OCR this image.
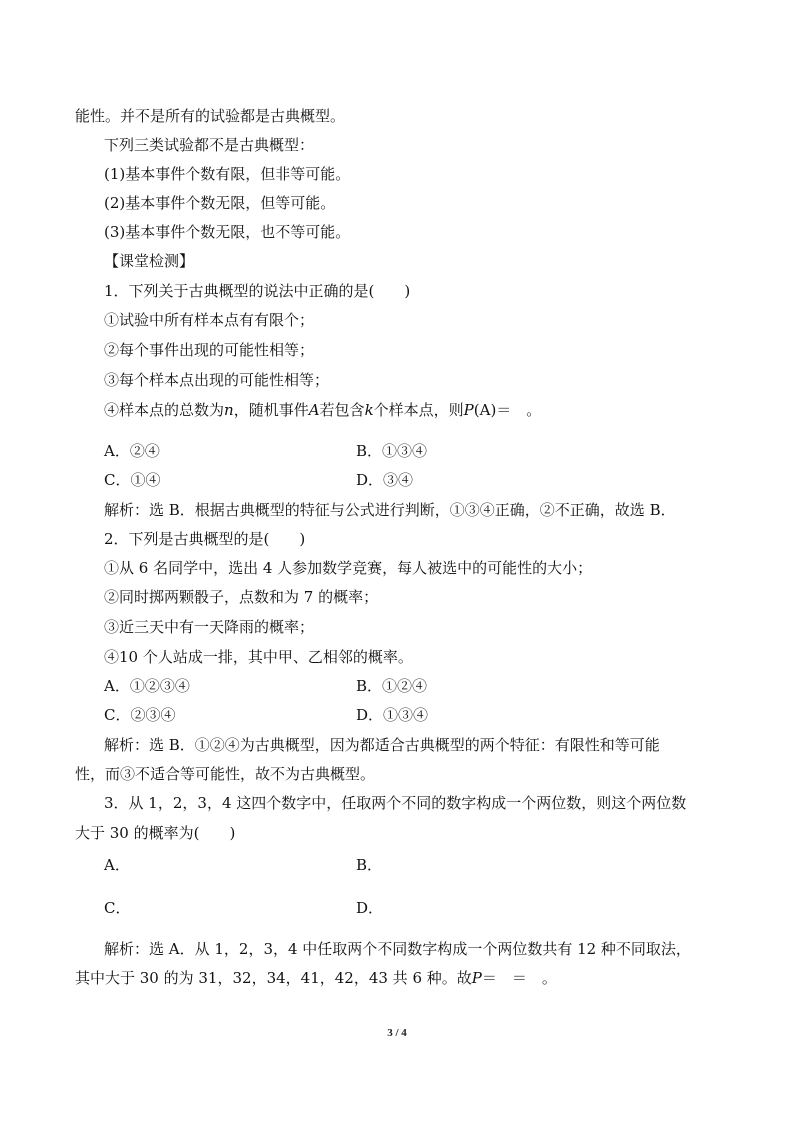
能性。并不是所有的试验都是古典概型。
下列三类试验都不是古典概型：
(1)基本事件个数有限，但非等可能。
(2)基本事件个数无限，但等可能。
(3)基本事件个数无限，也不等可能。
【课堂检测】
1．下列关于古典概型的说法中正确的是(　　)
①试验中所有样本点有有限个；
②每个事件出现的可能性相等；
③每个样本点出现的可能性相等；
④样本点的总数为n，随机事件A若包含k个样本点，则P(A)＝　。
A．②④	B．①③④
C．①④	D．③④
解析：选 B．根据古典概型的特征与公式进行判断，①③④正确，②不正确，故选 B．
2．下列是古典概型的是(　　)
①从 6 名同学中，选出 4 人参加数学竞赛，每人被选中的可能性的大小；
②同时掷两颗骰子，点数和为 7 的概率；
③近三天中有一天降雨的概率；
④10 个人站成一排，其中甲、乙相邻的概率。
A．①②③④	B．①②④
C．②③④	D．①③④
解析：选 B．①②④为古典概型，因为都适合古典概型的两个特征：有限性和等可能
性，而③不适合等可能性，故不为古典概型。
3．从 1，2，3，4 这四个数字中，任取两个不同的数字构成一个两位数，则这个两位数
大于 30 的概率为(　　)
A．	B．
C．	D．
解析：选 A．从 1，2，3，4 中任取两个不同数字构成一个两位数共有 12 种不同取法，
其中大于 30 的为 31，32，34，41，42，43 共 6 种。故P＝　＝　。
3 / 4
